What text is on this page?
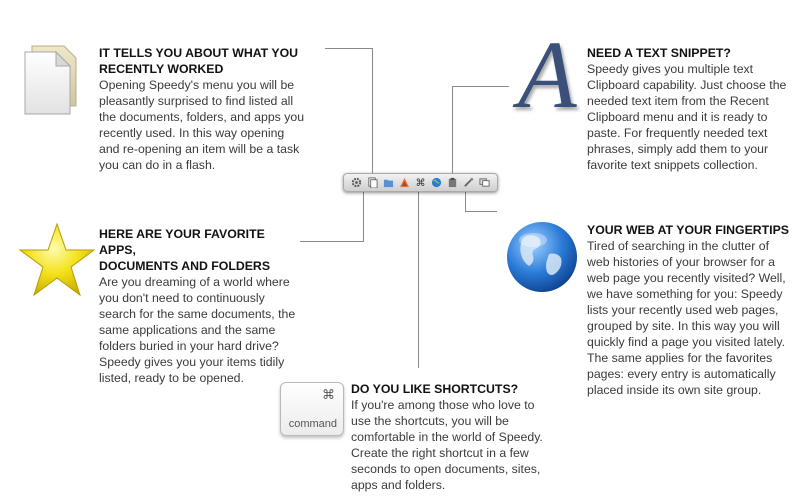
⌘
IT TELLS YOU ABOUT WHAT YOU
RECENTLY WORKED

Opening Speedy's menu you will be

pleasantly surprised to find listed all

the documents, folders, and apps you

recently used. In this way opening

and re-opening an item will be a task

you can do in a flash.

A NEED A TEXT SNIPPET?

Speedy gives you multiple text

Clipboard capability. Just choose the

needed text item from the Recent

Clipboard menu and it is ready to

paste. For frequently needed text

phrases, simply add them to your

favorite text snippets collection.

HERE ARE YOUR FAVORITE APPS,
DOCUMENTS AND FOLDERS

Are you dreaming of a world where

you don't need to continuously

search for the same documents, the

same applications and the same

folders buried in your hard drive?

Speedy gives you your items tidily

listed, ready to be opened.

YOUR WEB AT YOUR FINGERTIPS

Tired of searching in the clutter of

web histories of your browser for a

web page you recently visited? Well,

we have something for you: Speedy

lists your recently used web pages,

grouped by site. In this way you will

quickly find a page you visited lately.

The same applies for the favorites

pages: every entry is automatically

placed inside its own site group.

⌘
command
DO YOU LIKE SHORTCUTS?

If you're among those who love to

use the shortcuts, you will be

comfortable in the world of Speedy.

Create the right shortcut in a few

seconds to open documents, sites,

apps and folders.
